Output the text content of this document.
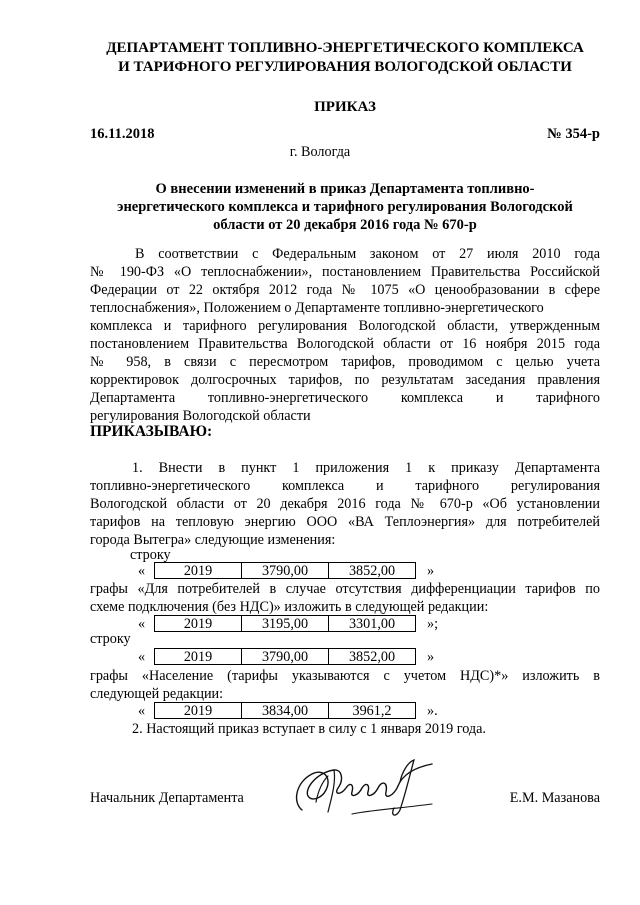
ДЕПАРТАМЕНТ ТОПЛИВНО-ЭНЕРГЕТИЧЕСКОГО КОМПЛЕКСА
И ТАРИФНОГО РЕГУЛИРОВАНИЯ ВОЛОГОДСКОЙ ОБЛАСТИ
ПРИКАЗ
16.11.2018	№ 354-р
г. Вологда
О внесении изменений в приказ Департамента топливно-
энергетического комплекса и тарифного регулирования Вологодской
области от 20 декабря 2016 года № 670-р
В соответствии с Федеральным законом от 27 июля 2010 года
№ 190-ФЗ «О теплоснабжении», постановлением Правительства Российской
Федерации от 22 октября 2012 года № 1075 «О ценообразовании в сфере
теплоснабжения», Положением о Департаменте топливно-энергетического
комплекса и тарифного регулирования Вологодской области, утвержденным
постановлением Правительства Вологодской области от 16 ноября 2015 года
№ 958, в связи с пересмотром тарифов, проводимом с целью учета
корректировок долгосрочных тарифов, по результатам заседания правления
Департамента топливно-энергетического комплекса и тарифного
регулирования Вологодской области
ПРИКАЗЫВАЮ:
1. Внести в пункт 1 приложения 1 к приказу Департамента
топливно-энергетического комплекса и тарифного регулирования
Вологодской области от 20 декабря 2016 года № 670-р «Об установлении
тарифов на тепловую энергию ООО «ВА Теплоэнергия» для потребителей
города Вытегра» следующие изменения:
строку
«	2019	3790,00	3852,00	»
графы «Для потребителей в случае отсутствия дифференциации тарифов по
схеме подключения (без НДС)» изложить в следующей редакции:
«	2019	3195,00	3301,00	»;
строку
«	2019	3790,00	3852,00	»
графы «Население (тарифы указываются с учетом НДС)*» изложить в
следующей редакции:
«	2019	3834,00	3961,2	».
2. Настоящий приказ вступает в силу с 1 января 2019 года.
Начальник Департамента	Е.М. Мазанова
